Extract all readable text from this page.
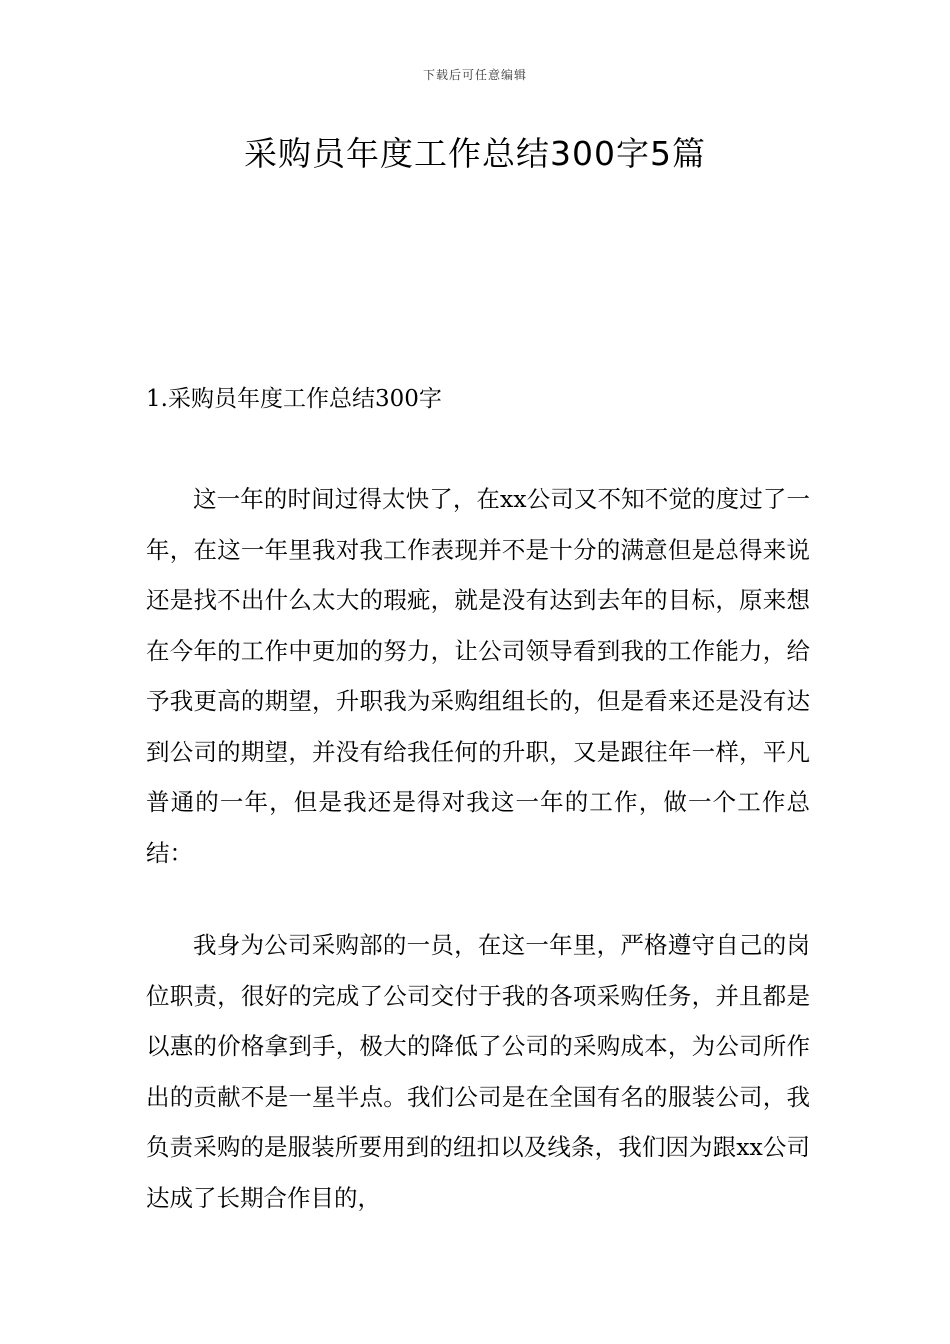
下载后可任意编辑
采购员年度工作总结300字5篇
1.采购员年度工作总结300字

这一年的时间过得太快了，在xx公司又不知不觉的度过了一年，在这一年里我对我工作表现并不是十分的满意但是总得来说还是找不出什么太大的瑕疵，就是没有达到去年的目标，原来想在今年的工作中更加的努力，让公司领导看到我的工作能力，给予我更高的期望，升职我为采购组组长的，但是看来还是没有达到公司的期望，并没有给我任何的升职，又是跟往年一样，平凡普通的一年，但是我还是得对我这一年的工作，做一个工作总结：

我身为公司采购部的一员，在这一年里，严格遵守自己的岗位职责，很好的完成了公司交付于我的各项采购任务，并且都是以惠的价格拿到手，极大的降低了公司的采购成本，为公司所作出的贡献不是一星半点。我们公司是在全国有名的服装公司，我负责采购的是服装所要用到的纽扣以及线条，我们因为跟xx公司达成了长期合作目的，
